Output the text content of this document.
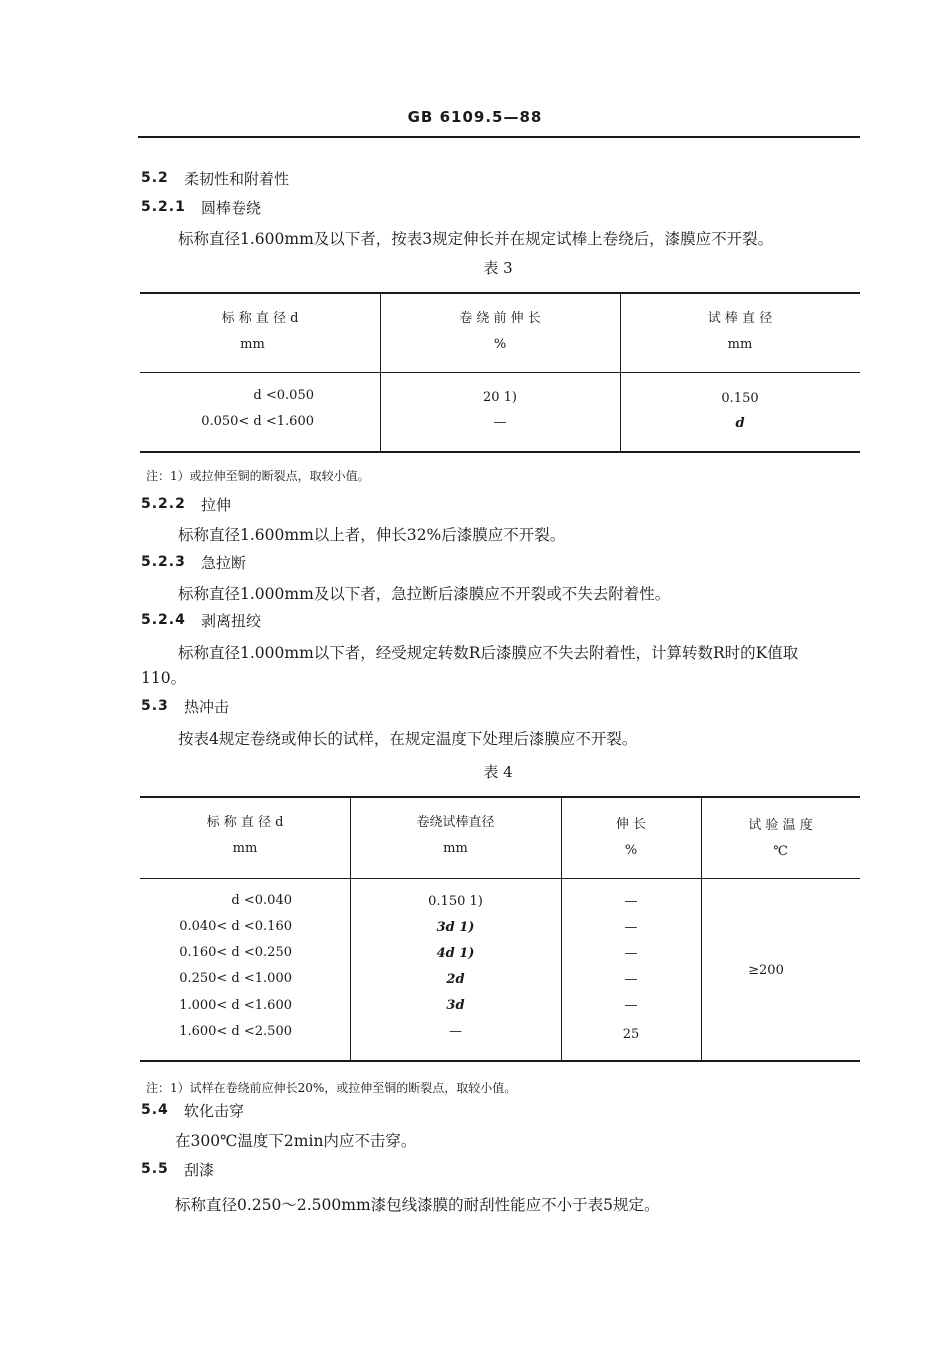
GB 6109.5—88
5.2 柔韧性和附着性
5.2.1 圆棒卷绕
标称直径1.600mm及以下者，按表3规定伸长并在规定试棒上卷绕后，漆膜应不开裂。
表 3
标 称 直 径 d
mm
卷 绕 前 伸 长
%
试 棒 直 径
mm
d <0.050
0.050< d <1.600
20 1)
—
0.150
d
注：1）或拉伸至铜的断裂点，取较小值。
5.2.2 拉伸
标称直径1.600mm以上者，伸长32%后漆膜应不开裂。
5.2.3 急拉断
标称直径1.000mm及以下者，急拉断后漆膜应不开裂或不失去附着性。
5.2.4 剥离扭绞
标称直径1.000mm以下者，经受规定转数R后漆膜应不失去附着性，计算转数R时的K值取
110。
5.3 热冲击
按表4规定卷绕或伸长的试样，在规定温度下处理后漆膜应不开裂。
表 4
标 称 直 径 d
mm
卷绕试棒直径
mm
伸 长
%
试 验 温 度
℃
d <0.040
0.040< d <0.160
0.160< d <0.250
0.250< d <1.000
1.000< d <1.600
1.600< d <2.500
0.150 1)
3d 1)
4d 1)
2d
3d
—
—
—
—
—
—
25
≥200
注：1）试样在卷绕前应伸长20%，或拉伸至铜的断裂点，取较小值。
5.4 软化击穿
在300℃温度下2min内应不击穿。
5.5 刮漆
标称直径0.250～2.500mm漆包线漆膜的耐刮性能应不小于表5规定。
